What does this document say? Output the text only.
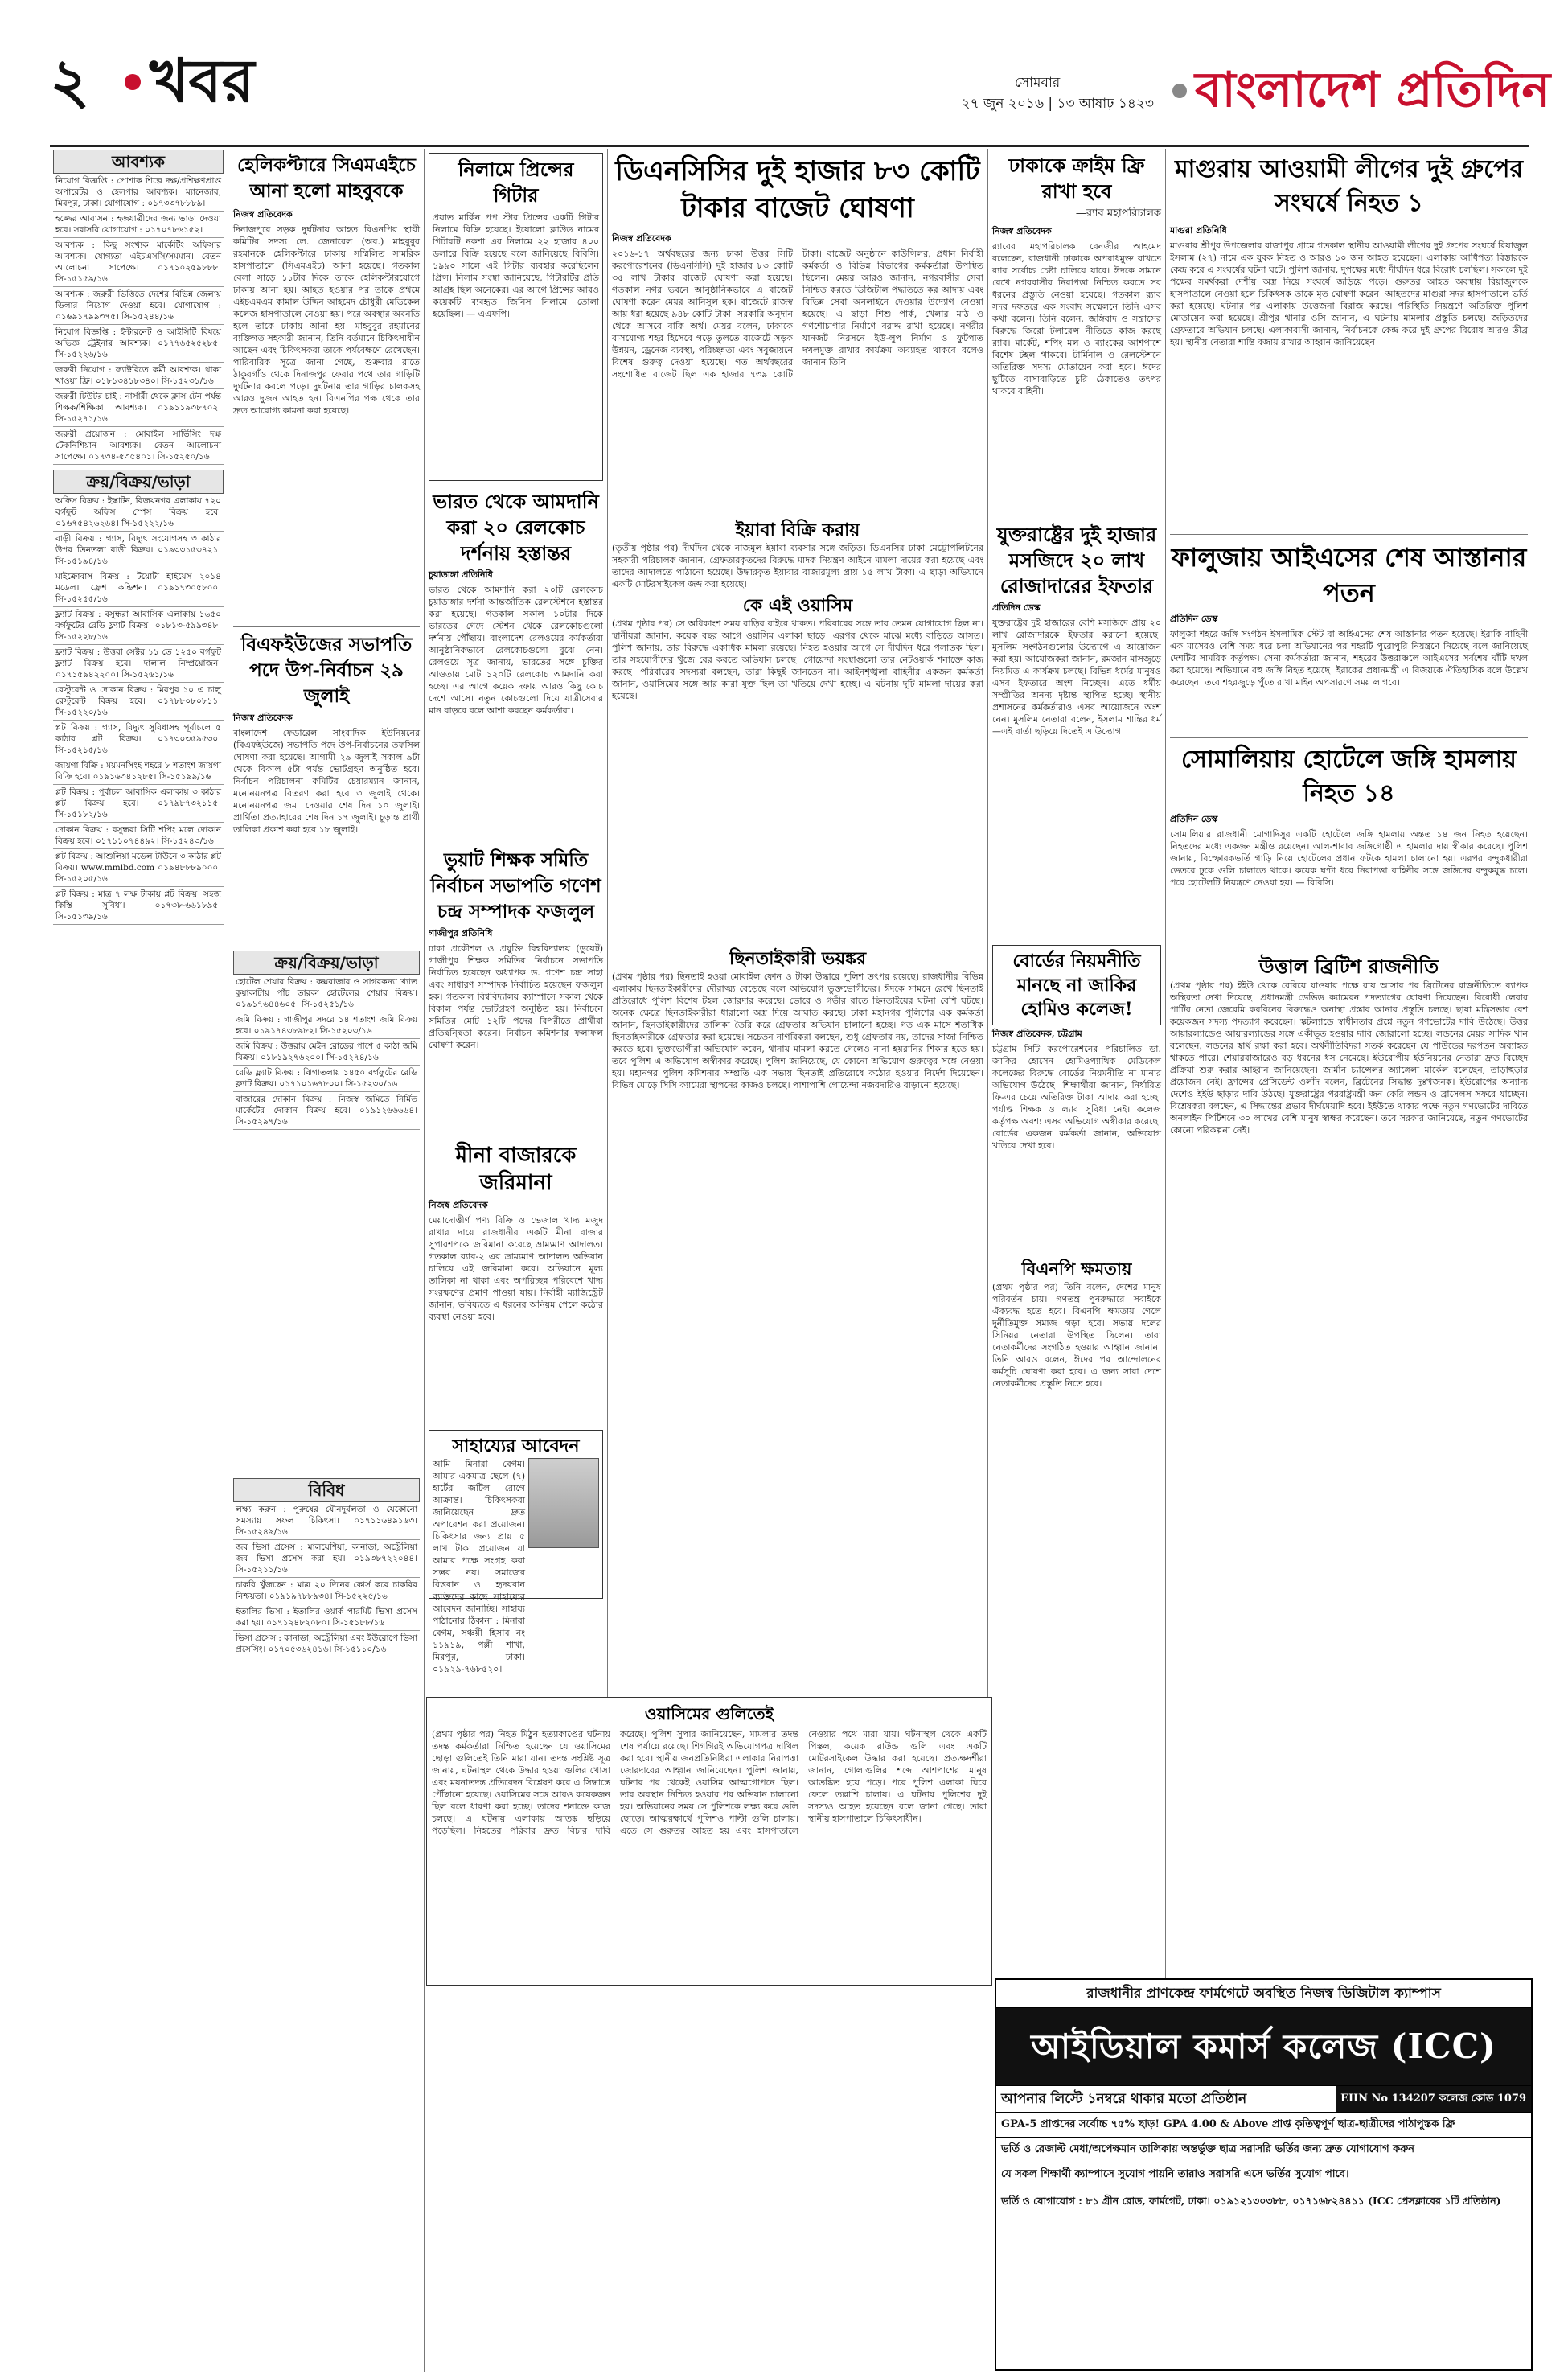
২ খবর	সোমবার
২৭ জুন ২০১৬ | ১৩ আষাঢ় ১৪২৩ বাংলাদেশ প্রতিদিন
আবশ্যক
নিয়োগ বিজ্ঞপ্তি : পোশাক শিল্পে দক্ষ/প্রশিক্ষণপ্রাপ্ত অপারেটর ও হেলপার আবশ্যক। ম্যানেজার, মিরপুর, ঢাকা। যোগাযোগ : ০১৭৩৩৭৮৮৮৯।
হজ্জের আবাসন : হজযাত্রীদের জন্য ভাড়া দেওয়া হবে। সরাসরি যোগাযোগ : ০১৭০৭৮৬১৫২।
আবশ্যক : কিছু সংখ্যক মার্কেটিং অফিসার আবশ্যক। যোগ্যতা এইচএসসি/সমমান। বেতন আলোচনা সাপেক্ষে। ০১৭১০২৫৯৮৮৮। সি-১৫১৫৯/১৬
আবশ্যক : জরুরী ভিত্তিতে দেশের বিভিন্ন জেলায় ডিলার নিয়োগ দেওয়া হবে। যোগাযোগ : ০১৬৯১৭৯৯৩৭৫। সি-১৫২৪৪/১৬
নিয়োগ বিজ্ঞপ্তি : ইন্টারনেট ও আইসিটি বিষয়ে অভিজ্ঞ ট্রেইনার আবশ্যক। ০১৭৭৬৫২৫২৮৫। সি-১৫২২৬/১৬
জরুরী নিয়োগ : ফ্যাক্টরিতে কর্মী আবশ্যক। থাকা খাওয়া ফ্রি। ০১৮১৩৪১৮৩৪০। সি-১৫২৩১/১৬
জরুরী টিউটর চাই : নার্সারী থেকে ক্লাস টেন পর্যন্ত শিক্ষক/শিক্ষিকা আবশ্যক। ০১৯১১৯৩৮৭০২। সি-১৫২৭১/১৬
জরুরী প্রয়োজন : মোবাইল সার্ভিসিং দক্ষ টেকনিশিয়ান আবশ্যক। বেতন আলোচনা সাপেক্ষে। ০১৭৩৪-৫৩৫৪০১। সি-১৫২৫০/১৬
ক্রয়/বিক্রয়/ভাড়া
অফিস বিক্রয় : ইস্কাটন, বিজয়নগর এলাকায় ৭২০ বর্গফুট অফিস স্পেস বিক্রয় হবে। ০১৬৭৫৪২৬২৬৪। সি-১৫২২২/১৬
বাড়ী বিক্রয় : গ্যাস, বিদ্যুৎ সংযোগসহ ৩ কাঠার উপর তিনতলা বাড়ী বিক্রয়। ০১৯৩৩১৫৩৪২১। সি-১৫১৯৪/১৬
মাইক্রোবাস বিক্রয় : টয়োটা হাইয়েস ২০১৪ মডেল। ফ্রেশ কন্ডিশন। ০১৯১৭৩০৫৮০০। সি-১৫২৫৫/১৬
ফ্ল্যাট বিক্রয় : বসুন্ধরা আবাসিক এলাকায় ১৬৫০ বর্গফুটের রেডি ফ্ল্যাট বিক্রয়। ০১৮১৩-৫৯৯৩৪৮। সি-১৫২২৮/১৬
ফ্ল্যাট বিক্রয় : উত্তরা সেক্টর ১১ তে ১২৫০ বর্গফুট ফ্ল্যাট বিক্রয় হবে। দালাল নিষ্প্রয়োজন। ০১৭১৫৯৪২২০০। সি-১৫২৬১/১৬
রেস্টুরেন্ট ও দোকান বিক্রয় : মিরপুর ১০ এ চালু রেস্টুরেন্ট বিক্রয় হবে। ০১৭৮৮০৮০৮১১। সি-১৫২২০/১৬
প্লট বিক্রয় : গ্যাস, বিদ্যুৎ সুবিধাসহ পূর্বাচলে ৫ কাঠার প্লট বিক্রয়। ০১৭৩০৩৫৯৫৩০। সি-১৫২১৫/১৬
জায়গা বিক্রি : ময়মনসিংহ শহরে ৮ শতাংশ জায়গা বিক্রি হবে। ০১৯১৬৩৪১২৮৫। সি-১৫১৯৯/১৬
প্লট বিক্রয় : পূর্বাচল আবাসিক এলাকায় ৩ কাঠার প্লট বিক্রয় হবে। ০১৭৯৮৭৩২১১৫। সি-১৫১৮২/১৬
দোকান বিক্রয় : বসুন্ধরা সিটি শপিং মলে দোকান বিক্রয় হবে। ০১৭১১০৭৪৪৯২। সি-১৫২৪৩/১৬
প্লট বিক্রয় : আশুলিয়া মডেল টাউনে ৩ কাঠার প্লট বিক্রয়। www.mmlbd.com ০১৯৪৮৮৮৯০০০। সি-১৫২০৫/১৬
প্লট বিক্রয় : মাত্র ৭ লক্ষ টাকায় প্লট বিক্রয়। সহজ কিস্তি সুবিধা। ০১৭৩৮-৬৬১৮৯৫। সি-১৫১৩৯/১৬
হেলিকপ্টারে সিএমএইচে আনা হলো মাহবুবকে
নিজস্ব প্রতিবেদক
দিনাজপুরে সড়ক দুর্ঘটনায় আহত বিএনপির স্থায়ী কমিটির সদস্য লে. জেনারেল (অব.) মাহবুবুর রহমানকে হেলিকপ্টারে ঢাকায় সম্মিলিত সামরিক হাসপাতালে (সিএমএইচ) আনা হয়েছে। গতকাল বেলা সাড়ে ১১টার দিকে তাকে হেলিকপ্টারযোগে ঢাকায় আনা হয়। আহত হওয়ার পর তাকে প্রথমে এইচএমএম কামাল উদ্দিন আহমেদ চৌধুরী মেডিকেল কলেজ হাসপাতালে নেওয়া হয়। পরে অবস্থার অবনতি হলে তাকে ঢাকায় আনা হয়। মাহবুবুর রহমানের ব্যক্তিগত সহকারী জানান, তিনি বর্তমানে চিকিৎসাধীন আছেন এবং চিকিৎসকরা তাকে পর্যবেক্ষণে রেখেছেন। পারিবারিক সূত্রে জানা গেছে, শুক্রবার রাতে ঠাকুরগাঁও থেকে দিনাজপুর ফেরার পথে তার গাড়িটি দুর্ঘটনার কবলে পড়ে। দুর্ঘটনায় তার গাড়ির চালকসহ আরও দুজন আহত হন। বিএনপির পক্ষ থেকে তার দ্রুত আরোগ্য কামনা করা হয়েছে।
বিএফইউজের সভাপতি পদে উপ-নির্বাচন ২৯ জুলাই
নিজস্ব প্রতিবেদক
বাংলাদেশ ফেডারেল সাংবাদিক ইউনিয়নের (বিএফইউজে) সভাপতি পদে উপ-নির্বাচনের তফসিল ঘোষণা করা হয়েছে। আগামী ২৯ জুলাই সকাল ৯টা থেকে বিকাল ৫টা পর্যন্ত ভোটগ্রহণ অনুষ্ঠিত হবে। নির্বাচন পরিচালনা কমিটির চেয়ারম্যান জানান, মনোনয়নপত্র বিতরণ করা হবে ৩ জুলাই থেকে। মনোনয়নপত্র জমা দেওয়ার শেষ দিন ১০ জুলাই। প্রার্থিতা প্রত্যাহারের শেষ দিন ১৭ জুলাই। চূড়ান্ত প্রার্থী তালিকা প্রকাশ করা হবে ১৮ জুলাই।
ক্রয়/বিক্রয়/ভাড়া
হোটেল শেয়ার বিক্রয় : কক্সবাজার ও সাগরকন্যা খ্যাত কুয়াকাটায় পাঁচ তারকা হোটেলের শেয়ার বিক্রয়। ০১৯১৭৬৪৪৬০৫। সি-১৫২৫১/১৬
জমি বিক্রয় : গাজীপুর সদরে ১৪ শতাংশ জমি বিক্রয় হবে। ০১৯১৭৪৩৮৯৮২। সি-১৫২০৩/১৬
জমি বিক্রয় : উত্তরায় মেইন রোডের পাশে ৫ কাঠা জমি বিক্রয়। ০১৮১৯২৭৬২০০। সি-১৫২৭৪/১৬
রেডি ফ্ল্যাট বিক্রয় : ঝিগাতলায় ১৪৫০ বর্গফুটের রেডি ফ্ল্যাট বিক্রয়। ০১৭১০১৬৭৮০০। সি-১৫২৩০/১৬
বাজারের দোকান বিক্রয় : নিজস্ব জমিতে নির্মিত মার্কেটের দোকান বিক্রয় হবে। ০১৯১২৬৬৬৬৪। সি-১৫২৯৭/১৬
বিবিধ
লক্ষ্য করুন : পুরুষের যৌনদুর্বলতা ও যেকোনো সমস্যায় সফল চিকিৎসা। ০১৭১১৬৪৯১৬৩। সি-১৫২৪৯/১৬
জব ভিসা প্রসেস : মালয়েশিয়া, কানাডা, অস্ট্রেলিয়া জব ভিসা প্রসেস করা হয়। ০১৯৩৮৭২২০৪৪। সি-১৫২১১/১৬
চাকরি খুঁজছেন : মাত্র ২০ দিনের কোর্স করে চাকরির নিশ্চয়তা। ০১৯১৯৭৮৮৯৩৪। সি-১৫২২৫/১৬
ইতালির ভিসা : ইতালির ওয়ার্ক পারমিট ভিসা প্রসেস করা হয়। ০১৭১২৪৮২০৮০। সি-১৫১৮৮/১৬
ভিসা প্রসেস : কানাডা, অস্ট্রেলিয়া এবং ইউরোপে ভিসা প্রসেসিং। ০১৭০৫৩৬২৪১৬। সি-১৫১১০/১৬
নিলামে প্রিন্সের গিটার
প্রয়াত মার্কিন পপ স্টার প্রিন্সের একটি গিটার নিলামে বিক্রি হয়েছে। ইয়োলো ক্লাউড নামের গিটারটি নকশা এর নিলামে ২২ হাজার ৪০০ ডলারে বিক্রি হয়েছে বলে জানিয়েছে বিবিসি। ১৯৯০ সালে এই গিটার ব্যবহার করেছিলেন প্রিন্স। নিলাম সংস্থা জানিয়েছে, গিটারটির প্রতি আগ্রহ ছিল অনেকের। এর আগে প্রিন্সের আরও কয়েকটি ব্যবহৃত জিনিস নিলামে তোলা হয়েছিল। — এএফপি।
ভারত থেকে আমদানি করা ২০ রেলকোচ দর্শনায় হস্তান্তর
চুয়াডাঙ্গা প্রতিনিধি
ভারত থেকে আমদানি করা ২০টি রেলকোচ চুয়াডাঙ্গার দর্শনা আন্তর্জাতিক রেলস্টেশনে হস্তান্তর করা হয়েছে। গতকাল সকাল ১০টার দিকে ভারতের গেদে স্টেশন থেকে রেলকোচগুলো দর্শনায় পৌঁছায়। বাংলাদেশ রেলওয়ের কর্মকর্তারা আনুষ্ঠানিকভাবে রেলকোচগুলো বুঝে নেন। রেলওয়ে সূত্র জানায়, ভারতের সঙ্গে চুক্তির আওতায় মোট ১২০টি রেলকোচ আমদানি করা হচ্ছে। এর আগে কয়েক দফায় আরও কিছু কোচ দেশে আসে। নতুন কোচগুলো দিয়ে যাত্রীসেবার মান বাড়বে বলে আশা করছেন কর্মকর্তারা।
ভুয়াট শিক্ষক সমিতি নির্বাচন সভাপতি গণেশ চন্দ্র সম্পাদক ফজলুল
গাজীপুর প্রতিনিধি
ঢাকা প্রকৌশল ও প্রযুক্তি বিশ্ববিদ্যালয় (ডুয়েট) গাজীপুর শিক্ষক সমিতির নির্বাচনে সভাপতি নির্বাচিত হয়েছেন অধ্যাপক ড. গণেশ চন্দ্র সাহা এবং সাধারণ সম্পাদক নির্বাচিত হয়েছেন ফজলুল হক। গতকাল বিশ্ববিদ্যালয় ক্যাম্পাসে সকাল থেকে বিকাল পর্যন্ত ভোটগ্রহণ অনুষ্ঠিত হয়। নির্বাচনে সমিতির মোট ১২টি পদের বিপরীতে প্রার্থীরা প্রতিদ্বন্দ্বিতা করেন। নির্বাচন কমিশনার ফলাফল ঘোষণা করেন।
মীনা বাজারকে জরিমানা
নিজস্ব প্রতিবেদক
মেয়াদোত্তীর্ণ পণ্য বিক্রি ও ভেজাল খাদ্য মজুদ রাখার দায়ে রাজধানীর একটি মীনা বাজার সুপারশপকে জরিমানা করেছে ভ্রাম্যমাণ আদালত। গতকাল র‍্যাব-২ এর ভ্রাম্যমাণ আদালত অভিযান চালিয়ে এই জরিমানা করে। অভিযানে মূল্য তালিকা না থাকা এবং অপরিচ্ছন্ন পরিবেশে খাদ্য সংরক্ষণের প্রমাণ পাওয়া যায়। নির্বাহী ম্যাজিস্ট্রেট জানান, ভবিষ্যতে এ ধরনের অনিয়ম পেলে কঠোর ব্যবস্থা নেওয়া হবে।
সাহায্যের আবেদন
আমি মিনারা বেগম। আমার একমাত্র ছেলে (৭) হার্টের জটিল রোগে আক্রান্ত। চিকিৎসকরা জানিয়েছেন দ্রুত অপারেশন করা প্রয়োজন। চিকিৎসার জন্য প্রায় ৫ লাখ টাকা প্রয়োজন যা আমার পক্ষে সংগ্রহ করা সম্ভব নয়। সমাজের বিত্তবান ও হৃদয়বান ব্যক্তিদের কাছে সাহায্যের আবেদন জানাচ্ছি। সাহায্য পাঠানোর ঠিকানা : মিনারা বেগম, সঞ্চয়ী হিসাব নং ১১৯১৯, পল্লী শাখা, মিরপুর, ঢাকা। ০১৯২৯-৭৬৮৫২০।
ডিএনসিসির দুই হাজার ৮৩ কোটি টাকার বাজেট ঘোষণা
নিজস্ব প্রতিবেদক
২০১৬-১৭ অর্থবছরের জন্য ঢাকা উত্তর সিটি করপোরেশনের (ডিএনসিসি) দুই হাজার ৮৩ কোটি ৩৫ লাখ টাকার বাজেট ঘোষণা করা হয়েছে। গতকাল নগর ভবনে আনুষ্ঠানিকভাবে এ বাজেট ঘোষণা করেন মেয়র আনিসুল হক। বাজেটে রাজস্ব আয় ধরা হয়েছে ৯৪৮ কোটি টাকা। সরকারি অনুদান থেকে আসবে বাকি অর্থ। মেয়র বলেন, ঢাকাকে বাসযোগ্য শহর হিসেবে গড়ে তুলতে বাজেটে সড়ক উন্নয়ন, ড্রেনেজ ব্যবস্থা, পরিচ্ছন্নতা এবং সবুজায়নে বিশেষ গুরুত্ব দেওয়া হয়েছে। গত অর্থবছরের সংশোধিত বাজেট ছিল এক হাজার ৭৩৯ কোটি টাকা। বাজেট অনুষ্ঠানে কাউন্সিলর, প্রধান নির্বাহী কর্মকর্তা ও বিভিন্ন বিভাগের কর্মকর্তারা উপস্থিত ছিলেন। মেয়র আরও জানান, নগরবাসীর সেবা নিশ্চিত করতে ডিজিটাল পদ্ধতিতে কর আদায় এবং বিভিন্ন সেবা অনলাইনে দেওয়ার উদ্যোগ নেওয়া হয়েছে। এ ছাড়া শিশু পার্ক, খেলার মাঠ ও গণশৌচাগার নির্মাণে বরাদ্দ রাখা হয়েছে। নগরীর যানজট নিরসনে ইউ-লুপ নির্মাণ ও ফুটপাত দখলমুক্ত রাখার কার্যক্রম অব্যাহত থাকবে বলেও জানান তিনি।
ইয়াবা বিক্রি করায়
(তৃতীয় পৃষ্ঠার পর) দীর্ঘদিন থেকে নাজমুল ইয়াবা ব্যবসার সঙ্গে জড়িত। ডিএনসির ঢাকা মেট্রোপলিটনের সহকারী পরিচালক জানান, গ্রেফতারকৃতদের বিরুদ্ধে মাদক নিয়ন্ত্রণ আইনে মামলা দায়ের করা হয়েছে এবং তাদের আদালতে পাঠানো হয়েছে। উদ্ধারকৃত ইয়াবার বাজারমূল্য প্রায় ১৫ লাখ টাকা। এ ছাড়া অভিযানে একটি মোটরসাইকেল জব্দ করা হয়েছে।
কে এই ওয়াসিম
(প্রথম পৃষ্ঠার পর) সে অধিকাংশ সময় বাড়ির বাইরে থাকত। পরিবারের সঙ্গে তার তেমন যোগাযোগ ছিল না। স্থানীয়রা জানান, কয়েক বছর আগে ওয়াসিম এলাকা ছাড়ে। এরপর থেকে মাঝে মধ্যে বাড়িতে আসত। পুলিশ জানায়, তার বিরুদ্ধে একাধিক মামলা রয়েছে। নিহত হওয়ার আগে সে দীর্ঘদিন ধরে পলাতক ছিল। তার সহযোগীদের খুঁজে বের করতে অভিযান চলছে। গোয়েন্দা সংস্থাগুলো তার নেটওয়ার্ক শনাক্তে কাজ করছে। পরিবারের সদস্যরা বলছেন, তারা কিছুই জানতেন না। আইনশৃঙ্খলা বাহিনীর একজন কর্মকর্তা জানান, ওয়াসিমের সঙ্গে আর কারা যুক্ত ছিল তা খতিয়ে দেখা হচ্ছে। এ ঘটনায় দুটি মামলা দায়ের করা হয়েছে।
ছিনতাইকারী ভয়ঙ্কর
(প্রথম পৃষ্ঠার পর) ছিনতাই হওয়া মোবাইল ফোন ও টাকা উদ্ধারে পুলিশ তৎপর রয়েছে। রাজধানীর বিভিন্ন এলাকায় ছিনতাইকারীদের দৌরাত্ম্য বেড়েছে বলে অভিযোগ ভুক্তভোগীদের। ঈদকে সামনে রেখে ছিনতাই প্রতিরোধে পুলিশ বিশেষ টহল জোরদার করেছে। ভোরে ও গভীর রাতে ছিনতাইয়ের ঘটনা বেশি ঘটছে। অনেক ক্ষেত্রে ছিনতাইকারীরা ধারালো অস্ত্র দিয়ে আঘাত করছে। ঢাকা মহানগর পুলিশের এক কর্মকর্তা জানান, ছিনতাইকারীদের তালিকা তৈরি করে গ্রেফতার অভিযান চালানো হচ্ছে। গত এক মাসে শতাধিক ছিনতাইকারীকে গ্রেফতার করা হয়েছে। সচেতন নাগরিকরা বলছেন, শুধু গ্রেফতার নয়, তাদের সাজা নিশ্চিত করতে হবে। ভুক্তভোগীরা অভিযোগ করেন, থানায় মামলা করতে গেলেও নানা হয়রানির শিকার হতে হয়। তবে পুলিশ এ অভিযোগ অস্বীকার করেছে। পুলিশ জানিয়েছে, যে কোনো অভিযোগ গুরুত্বের সঙ্গে নেওয়া হয়। মহানগর পুলিশ কমিশনার সম্প্রতি এক সভায় ছিনতাই প্রতিরোধে কঠোর হওয়ার নির্দেশ দিয়েছেন। বিভিন্ন মোড়ে সিসি ক্যামেরা স্থাপনের কাজও চলছে। পাশাপাশি গোয়েন্দা নজরদারিও বাড়ানো হয়েছে।
ওয়াসিমের গুলিতেই
(প্রথম পৃষ্ঠার পর) নিহত মিঠুন হত্যাকাণ্ডের ঘটনায় তদন্ত কর্মকর্তারা নিশ্চিত হয়েছেন যে ওয়াসিমের ছোড়া গুলিতেই তিনি মারা যান। তদন্ত সংশ্লিষ্ট সূত্র জানায়, ঘটনাস্থল থেকে উদ্ধার হওয়া গুলির খোসা এবং ময়নাতদন্ত প্রতিবেদন বিশ্লেষণ করে এ সিদ্ধান্তে পৌঁছানো হয়েছে। ওয়াসিমের সঙ্গে আরও কয়েকজন ছিল বলে ধারণা করা হচ্ছে। তাদের শনাক্তে কাজ চলছে। এ ঘটনায় এলাকায় আতঙ্ক ছড়িয়ে পড়েছিল। নিহতের পরিবার দ্রুত বিচার দাবি করেছে। পুলিশ সুপার জানিয়েছেন, মামলার তদন্ত শেষ পর্যায়ে রয়েছে। শিগগিরই অভিযোগপত্র দাখিল করা হবে। স্থানীয় জনপ্রতিনিধিরা এলাকার নিরাপত্তা জোরদারের আহ্বান জানিয়েছেন। পুলিশ জানায়, ঘটনার পর থেকেই ওয়াসিম আত্মগোপনে ছিল। তার অবস্থান নিশ্চিত হওয়ার পর অভিযান চালানো হয়। অভিযানের সময় সে পুলিশকে লক্ষ্য করে গুলি ছোড়ে। আত্মরক্ষার্থে পুলিশও পাল্টা গুলি চালায়। এতে সে গুরুতর আহত হয় এবং হাসপাতালে নেওয়ার পথে মারা যায়। ঘটনাস্থল থেকে একটি পিস্তল, কয়েক রাউন্ড গুলি এবং একটি মোটরসাইকেল উদ্ধার করা হয়েছে। প্রত্যক্ষদর্শীরা জানান, গোলাগুলির শব্দে আশপাশের মানুষ আতঙ্কিত হয়ে পড়ে। পরে পুলিশ এলাকা ঘিরে ফেলে তল্লাশি চালায়। এ ঘটনায় পুলিশের দুই সদস্যও আহত হয়েছেন বলে জানা গেছে। তারা স্থানীয় হাসপাতালে চিকিৎসাধীন।
ঢাকাকে ক্রাইম ফ্রি রাখা হবে
—র‍্যাব মহাপরিচালক
নিজস্ব প্রতিবেদক
র‍্যাবের মহাপরিচালক বেনজীর আহমেদ বলেছেন, রাজধানী ঢাকাকে অপরাধমুক্ত রাখতে র‍্যাব সর্বোচ্চ চেষ্টা চালিয়ে যাবে। ঈদকে সামনে রেখে নগরবাসীর নিরাপত্তা নিশ্চিত করতে সব ধরনের প্রস্তুতি নেওয়া হয়েছে। গতকাল র‍্যাব সদর দফতরে এক সংবাদ সম্মেলনে তিনি এসব কথা বলেন। তিনি বলেন, জঙ্গিবাদ ও সন্ত্রাসের বিরুদ্ধে জিরো টলারেন্স নীতিতে কাজ করছে র‍্যাব। মার্কেট, শপিং মল ও ব্যাংকের আশপাশে বিশেষ টহল থাকবে। টার্মিনাল ও রেলস্টেশনে অতিরিক্ত সদস্য মোতায়েন করা হবে। ঈদের ছুটিতে বাসাবাড়িতে চুরি ঠেকাতেও তৎপর থাকবে বাহিনী।
যুক্তরাষ্ট্রের দুই হাজার মসজিদে ২০ লাখ রোজাদারের ইফতার
প্রতিদিন ডেস্ক
যুক্তরাষ্ট্রের দুই হাজারের বেশি মসজিদে প্রায় ২০ লাখ রোজাদারকে ইফতার করানো হয়েছে। মুসলিম সংগঠনগুলোর উদ্যোগে এ আয়োজন করা হয়। আয়োজকরা জানান, রমজান মাসজুড়ে নিয়মিত এ কার্যক্রম চলছে। বিভিন্ন ধর্মের মানুষও এসব ইফতারে অংশ নিচ্ছেন। এতে ধর্মীয় সম্প্রীতির অনন্য দৃষ্টান্ত স্থাপিত হচ্ছে। স্থানীয় প্রশাসনের কর্মকর্তারাও এসব আয়োজনে অংশ নেন। মুসলিম নেতারা বলেন, ইসলাম শান্তির ধর্ম—এই বার্তা ছড়িয়ে দিতেই এ উদ্যোগ।
বোর্ডের নিয়মনীতি মানছে না জাকির হোমিও কলেজ!
নিজস্ব প্রতিবেদক, চট্টগ্রাম
চট্টগ্রাম সিটি করপোরেশনের পরিচালিত ডা. জাকির হোসেন হোমিওপ্যাথিক মেডিকেল কলেজের বিরুদ্ধে বোর্ডের নিয়মনীতি না মানার অভিযোগ উঠেছে। শিক্ষার্থীরা জানান, নির্ধারিত ফি-এর চেয়ে অতিরিক্ত টাকা আদায় করা হচ্ছে। পর্যাপ্ত শিক্ষক ও ল্যাব সুবিধা নেই। কলেজ কর্তৃপক্ষ অবশ্য এসব অভিযোগ অস্বীকার করেছে। বোর্ডের একজন কর্মকর্তা জানান, অভিযোগ খতিয়ে দেখা হবে।
বিএনপি ক্ষমতায়
(প্রথম পৃষ্ঠার পর) তিনি বলেন, দেশের মানুষ পরিবর্তন চায়। গণতন্ত্র পুনরুদ্ধারে সবাইকে ঐক্যবদ্ধ হতে হবে। বিএনপি ক্ষমতায় গেলে দুর্নীতিমুক্ত সমাজ গড়া হবে। সভায় দলের সিনিয়র নেতারা উপস্থিত ছিলেন। তারা নেতাকর্মীদের সংগঠিত হওয়ার আহ্বান জানান। তিনি আরও বলেন, ঈদের পর আন্দোলনের কর্মসূচি ঘোষণা করা হবে। এ জন্য সারা দেশে নেতাকর্মীদের প্রস্তুতি নিতে হবে।
মাগুরায় আওয়ামী লীগের দুই গ্রুপের সংঘর্ষে নিহত ১
মাগুরা প্রতিনিধি
মাগুরার শ্রীপুর উপজেলার রাজাপুর গ্রামে গতকাল স্থানীয় আওয়ামী লীগের দুই গ্রুপের সংঘর্ষে রিয়াজুল ইসলাম (২৭) নামে এক যুবক নিহত ও আরও ১০ জন আহত হয়েছেন। এলাকায় আধিপত্য বিস্তারকে কেন্দ্র করে এ সংঘর্ষের ঘটনা ঘটে। পুলিশ জানায়, দুপক্ষের মধ্যে দীর্ঘদিন ধরে বিরোধ চলছিল। সকালে দুই পক্ষের সমর্থকরা দেশীয় অস্ত্র নিয়ে সংঘর্ষে জড়িয়ে পড়ে। গুরুতর আহত অবস্থায় রিয়াজুলকে হাসপাতালে নেওয়া হলে চিকিৎসক তাকে মৃত ঘোষণা করেন। আহতদের মাগুরা সদর হাসপাতালে ভর্তি করা হয়েছে। ঘটনার পর এলাকায় উত্তেজনা বিরাজ করছে। পরিস্থিতি নিয়ন্ত্রণে অতিরিক্ত পুলিশ মোতায়েন করা হয়েছে। শ্রীপুর থানার ওসি জানান, এ ঘটনায় মামলার প্রস্তুতি চলছে। জড়িতদের গ্রেফতারে অভিযান চলছে। এলাকাবাসী জানান, নির্বাচনকে কেন্দ্র করে দুই গ্রুপের বিরোধ আরও তীব্র হয়। স্থানীয় নেতারা শান্তি বজায় রাখার আহ্বান জানিয়েছেন।
ফালুজায় আইএসের শেষ আস্তানার পতন
প্রতিদিন ডেস্ক
ফালুজা শহরে জঙ্গি সংগঠন ইসলামিক স্টেট বা আইএসের শেষ আস্তানার পতন হয়েছে। ইরাকি বাহিনী এক মাসেরও বেশি সময় ধরে চলা অভিযানের পর শহরটি পুরোপুরি নিয়ন্ত্রণে নিয়েছে বলে জানিয়েছে দেশটির সামরিক কর্তৃপক্ষ। সেনা কর্মকর্তারা জানান, শহরের উত্তরাঞ্চলে আইএসের সর্বশেষ ঘাঁটি দখল করা হয়েছে। অভিযানে বহু জঙ্গি নিহত হয়েছে। ইরাকের প্রধানমন্ত্রী এ বিজয়কে ঐতিহাসিক বলে উল্লেখ করেছেন। তবে শহরজুড়ে পুঁতে রাখা মাইন অপসারণে সময় লাগবে।
সোমালিয়ায় হোটেলে জঙ্গি হামলায় নিহত ১৪
প্রতিদিন ডেস্ক
সোমালিয়ার রাজধানী মোগাদিসুর একটি হোটেলে জঙ্গি হামলায় অন্তত ১৪ জন নিহত হয়েছেন। নিহতদের মধ্যে একজন মন্ত্রীও রয়েছেন। আল-শাবাব জঙ্গিগোষ্ঠী এ হামলার দায় স্বীকার করেছে। পুলিশ জানায়, বিস্ফোরকভর্তি গাড়ি নিয়ে হোটেলের প্রধান ফটকে হামলা চালানো হয়। এরপর বন্দুকধারীরা ভেতরে ঢুকে গুলি চালাতে থাকে। কয়েক ঘণ্টা ধরে নিরাপত্তা বাহিনীর সঙ্গে জঙ্গিদের বন্দুকযুদ্ধ চলে। পরে হোটেলটি নিয়ন্ত্রণে নেওয়া হয়। — বিবিসি।
উত্তাল ব্রিটিশ রাজনীতি
(প্রথম পৃষ্ঠার পর) ইইউ থেকে বেরিয়ে যাওয়ার পক্ষে রায় আসার পর ব্রিটেনের রাজনীতিতে ব্যাপক অস্থিরতা দেখা দিয়েছে। প্রধানমন্ত্রী ডেভিড ক্যামেরন পদত্যাগের ঘোষণা দিয়েছেন। বিরোধী লেবার পার্টির নেতা জেরেমি করবিনের বিরুদ্ধেও অনাস্থা প্রস্তাব আনার প্রস্তুতি চলছে। ছায়া মন্ত্রিসভার বেশ কয়েকজন সদস্য পদত্যাগ করেছেন। স্কটল্যান্ডে স্বাধীনতার প্রশ্নে নতুন গণভোটের দাবি উঠেছে। উত্তর আয়ারল্যান্ডেও আয়ারল্যান্ডের সঙ্গে একীভূত হওয়ার দাবি জোরালো হচ্ছে। লন্ডনের মেয়র সাদিক খান বলেছেন, লন্ডনের স্বার্থ রক্ষা করা হবে। অর্থনীতিবিদরা সতর্ক করেছেন যে পাউন্ডের দরপতন অব্যাহত থাকতে পারে। শেয়ারবাজারেও বড় ধরনের ধস নেমেছে। ইউরোপীয় ইউনিয়নের নেতারা দ্রুত বিচ্ছেদ প্রক্রিয়া শুরু করার আহ্বান জানিয়েছেন। জার্মান চ্যান্সেলর অ্যাঙ্গেলা মার্কেল বলেছেন, তাড়াহুড়ার প্রয়োজন নেই। ফ্রান্সের প্রেসিডেন্ট ওলাঁদ বলেন, ব্রিটেনের সিদ্ধান্ত দুঃখজনক। ইউরোপের অন্যান্য দেশেও ইইউ ছাড়ার দাবি উঠছে। যুক্তরাষ্ট্রের পররাষ্ট্রমন্ত্রী জন কেরি লন্ডন ও ব্রাসেলস সফরে যাচ্ছেন। বিশ্লেষকরা বলছেন, এ সিদ্ধান্তের প্রভাব দীর্ঘমেয়াদি হবে। ইইউতে থাকার পক্ষে নতুন গণভোটের দাবিতে অনলাইন পিটিশনে ৩০ লাখের বেশি মানুষ স্বাক্ষর করেছেন। তবে সরকার জানিয়েছে, নতুন গণভোটের কোনো পরিকল্পনা নেই।
রাজধানীর প্রাণকেন্দ্র ফার্মগেটে অবস্থিত নিজস্ব ডিজিটাল ক্যাম্পাস
আইডিয়াল কমার্স কলেজ (ICC)
আপনার লিস্টে ১নম্বরে থাকার মতো প্রতিষ্ঠান	EIIN No 134207 কলেজ কোড 1079
GPA-5 প্রাপ্তদের সর্বোচ্চ ৭৫% ছাড়! GPA 4.00 & Above প্রাপ্ত কৃতিত্বপূর্ণ ছাত্র-ছাত্রীদের পাঠাপুস্তক ফ্রি
ভর্তি ও রেজাল্ট মেধা/অপেক্ষমান তালিকায় অন্তর্ভুক্ত ছাত্র সরাসরি ভর্তির জন্য দ্রুত যোগাযোগ করুন
যে সকল শিক্ষার্থী ক্যাম্পাসে সুযোগ পায়নি তারাও সরাসরি এসে ভর্তির সুযোগ পাবে।
ভর্তি ও যোগাযোগ : ৮১ গ্রীন রোড, ফার্মগেট, ঢাকা। ০১৯১২১৩০৩৮৮, ০১৭১৬৮২৪৪১১ (ICC প্রেসক্লাবের ১টি প্রতিষ্ঠান)
